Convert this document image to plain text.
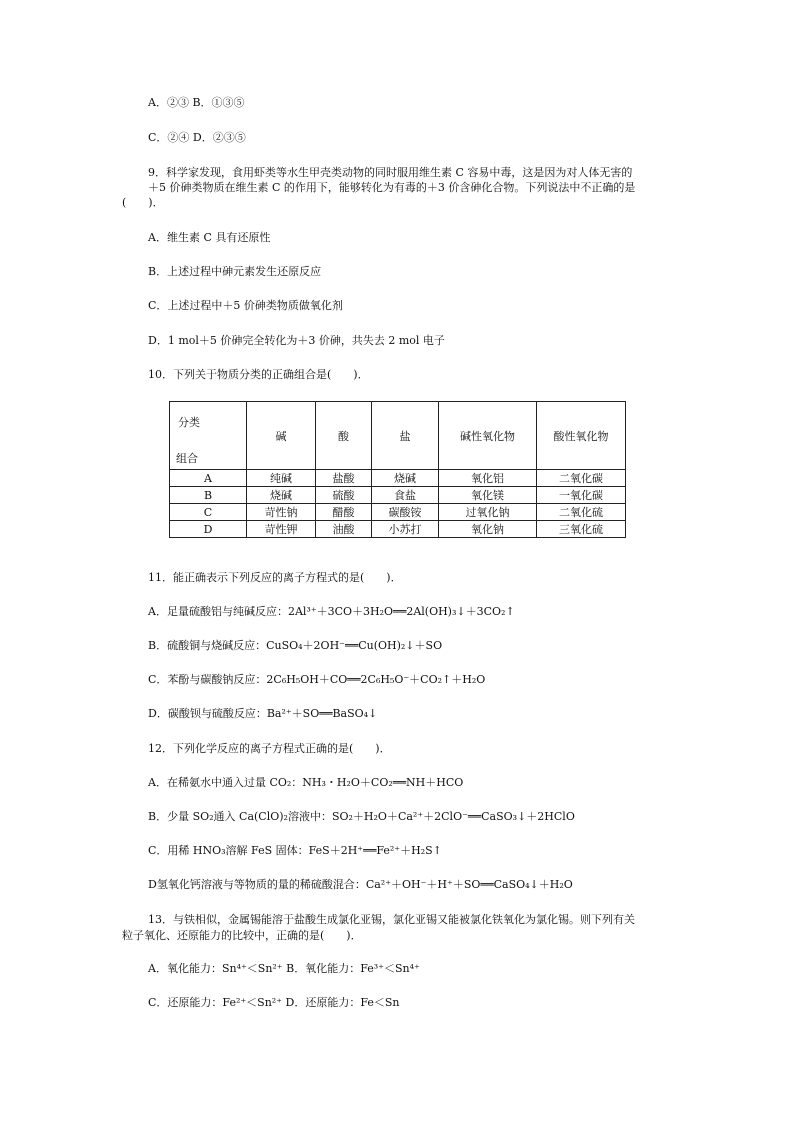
A．②③ B．①③⑤
C．②④ D．②③⑤
9．科学家发现，食用虾类等水生甲壳类动物的同时服用维生素 C 容易中毒，这是因为对人体无害的
＋5 价砷类物质在维生素 C 的作用下，能够转化为有毒的＋3 价含砷化合物。下列说法中不正确的是
(　　)．
A．维生素 C 具有还原性
B．上述过程中砷元素发生还原反应
C．上述过程中＋5 价砷类物质做氧化剂
D．1 mol＋5 价砷完全转化为＋3 价砷，共失去 2 mol 电子
10．下列关于物质分类的正确组合是(　　)．
分类
组合	碱	酸	盐	碱性氧化物	酸性氧化物
A	纯碱	盐酸	烧碱	氧化铝	二氧化碳
B	烧碱	硫酸	食盐	氧化镁	一氧化碳
C	苛性钠	醋酸	碳酸铵	过氧化钠	二氧化硫
D	苛性钾	油酸	小苏打	氧化钠	三氧化硫
11．能正确表示下列反应的离子方程式的是(　　)．
A．足量硫酸铝与纯碱反应：2Al³⁺＋3CO＋3H₂O══2Al(OH)₃↓＋3CO₂↑
B．硫酸铜与烧碱反应：CuSO₄＋2OH⁻══Cu(OH)₂↓＋SO
C．苯酚与碳酸钠反应：2C₆H₅OH＋CO══2C₆H₅O⁻＋CO₂↑＋H₂O
D．碳酸钡与硫酸反应：Ba²⁺＋SO══BaSO₄↓
12．下列化学反应的离子方程式正确的是(　　)．
A．在稀氨水中通入过量 CO₂：NH₃・H₂O＋CO₂══NH＋HCO
B．少量 SO₂通入 Ca(ClO)₂溶液中：SO₂＋H₂O＋Ca²⁺＋2ClO⁻══CaSO₃↓＋2HClO
C．用稀 HNO₃溶解 FeS 固体：FeS＋2H⁺══Fe²⁺＋H₂S↑
D氢氧化钙溶液与等物质的量的稀硫酸混合：Ca²⁺＋OH⁻＋H⁺＋SO══CaSO₄↓＋H₂O
13．与铁相似，金属锡能溶于盐酸生成氯化亚锡，氯化亚锡又能被氯化铁氧化为氯化锡。则下列有关
粒子氧化、还原能力的比较中，正确的是(　　)．
A．氧化能力：Sn⁴⁺＜Sn²⁺ B．氧化能力：Fe³⁺＜Sn⁴⁺
C．还原能力：Fe²⁺＜Sn²⁺ D．还原能力：Fe＜Sn
